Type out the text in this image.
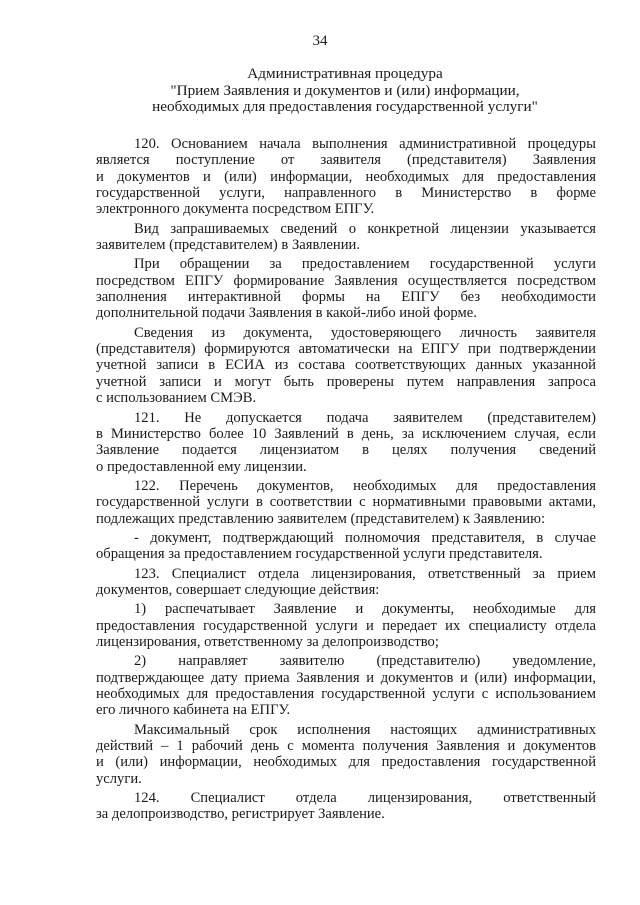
34
Административная процедура
"Прием Заявления и документов и (или) информации,
необходимых для предоставления государственной услуги"
120. Основанием начала выполнения административной процедуры
является поступление от заявителя (представителя) Заявления
и документов и (или) информации, необходимых для предоставления
государственной услуги, направленного в Министерство в форме
электронного документа посредством ЕПГУ.
Вид запрашиваемых сведений о конкретной лицензии указывается
заявителем (представителем) в Заявлении.
При обращении за предоставлением государственной услуги
посредством ЕПГУ формирование Заявления осуществляется посредством
заполнения интерактивной формы на ЕПГУ без необходимости
дополнительной подачи Заявления в какой-либо иной форме.
Сведения из документа, удостоверяющего личность заявителя
(представителя) формируются автоматически на ЕПГУ при подтверждении
учетной записи в ЕСИА из состава соответствующих данных указанной
учетной записи и могут быть проверены путем направления запроса
с использованием СМЭВ.
121. Не допускается подача заявителем (представителем)
в Министерство более 10 Заявлений в день, за исключением случая, если
Заявление подается лицензиатом в целях получения сведений
о предоставленной ему лицензии.
122. Перечень документов, необходимых для предоставления
государственной услуги в соответствии с нормативными правовыми актами,
подлежащих представлению заявителем (представителем) к Заявлению:
- документ, подтверждающий полномочия представителя, в случае
обращения за предоставлением государственной услуги представителя.
123. Специалист отдела лицензирования, ответственный за прием
документов, совершает следующие действия:
1) распечатывает Заявление и документы, необходимые для
предоставления государственной услуги и передает их специалисту отдела
лицензирования, ответственному за делопроизводство;
2) направляет заявителю (представителю) уведомление,
подтверждающее дату приема Заявления и документов и (или) информации,
необходимых для предоставления государственной услуги с использованием
его личного кабинета на ЕПГУ.
Максимальный срок исполнения настоящих административных
действий – 1 рабочий день с момента получения Заявления и документов
и (или) информации, необходимых для предоставления государственной
услуги.
124. Специалист отдела лицензирования, ответственный
за делопроизводство, регистрирует Заявление.
